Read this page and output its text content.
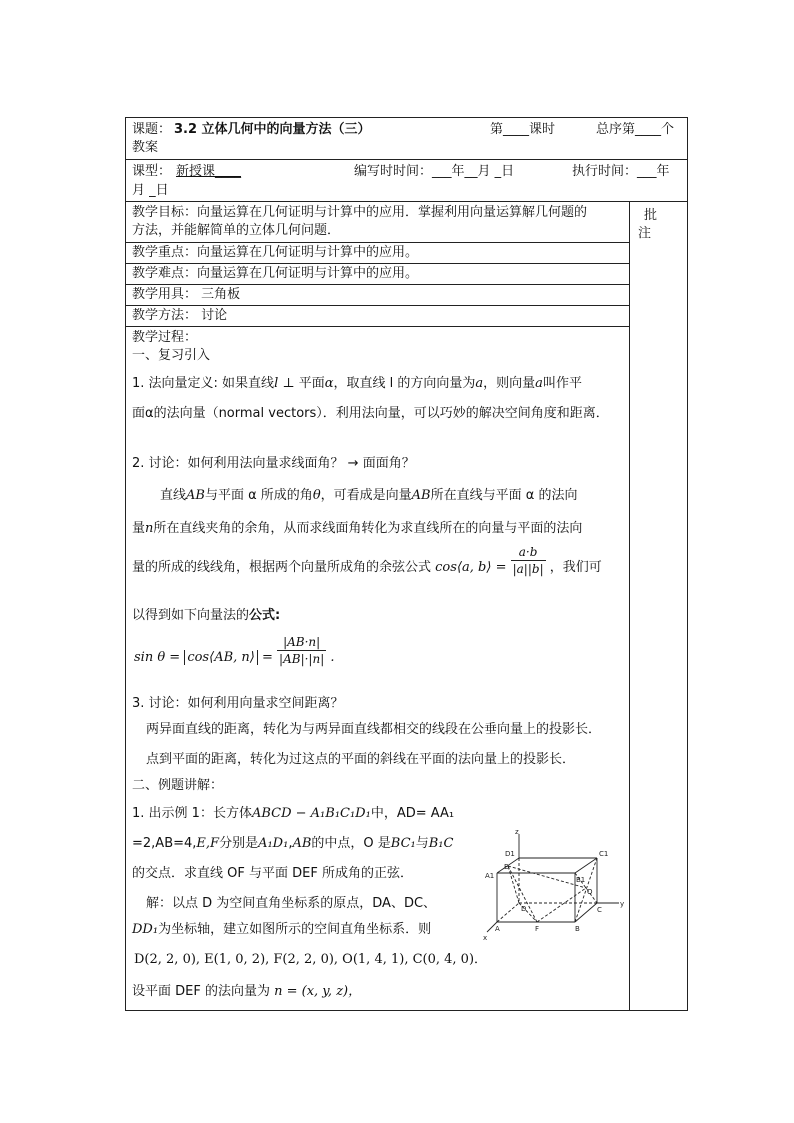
课题： 3.2 立体几何中的向量方法（三）	第____课时	总序第____个
教案
课型： 新授课____	编写时时间：___年__月 _日	执行时间：___年
月 _日
批
注
教学目标：向量运算在几何证明与计算中的应用．掌握利用向量运算解几何题的
方法，并能解简单的立体几何问题．
教学重点：向量运算在几何证明与计算中的应用。
教学难点：向量运算在几何证明与计算中的应用。
教学用具： 三角板
教学方法： 讨论
教学过程：
一、复习引入
1. 法向量定义: 如果直线l ⊥ 平面α，取直线 l 的方向向量为a，则向量a叫作平
面α的法向量（normal vectors）．利用法向量，可以巧妙的解决空间角度和距离．
2. 讨论：如何利用法向量求线面角？ → 面面角？
直线AB与平面 α 所成的角θ，可看成是向量AB所在直线与平面 α 的法向
量n所在直线夹角的余角，从而求线面角转化为求直线所在的向量与平面的法向
量的所成的线线角，根据两个向量所成角的余弦公式 cos⟨a, b⟩ = $\frac{a\cdot b}{|a||b|}$ ，我们可
以得到如下向量法的公式:
sin θ = cos⟨AB, n⟩ = $\frac{|AB\cdot n|}{|AB|\cdot|n|}$ .
3. 讨论：如何利用向量求空间距离？
两异面直线的距离，转化为与两异面直线都相交的线段在公垂向量上的投影长．
点到平面的距离，转化为过这点的平面的斜线在平面的法向量上的投影长．
二、例题讲解：
1. 出示例 1：长方体ABCD − A₁B₁C₁D₁中，AD= AA₁
=2,AB=4,E,F分别是A₁D₁,AB的中点，O 是BC₁与B₁C
的交点．求直线 OF 与平面 DEF 所成角的正弦．
解：以点 D 为空间直角坐标系的原点，DA、DC、
DD₁为坐标轴，建立如图所示的空间直角坐标系．则
D(2, 2, 0), E(1, 0, 2), F(2, 2, 0), O(1, 4, 1), C(0, 4, 0)．
设平面 DEF 的法向量为 n = (x, y, z)，
z
D1	C1
A1
E
B1
O
D	C
y
A	F	B
x
